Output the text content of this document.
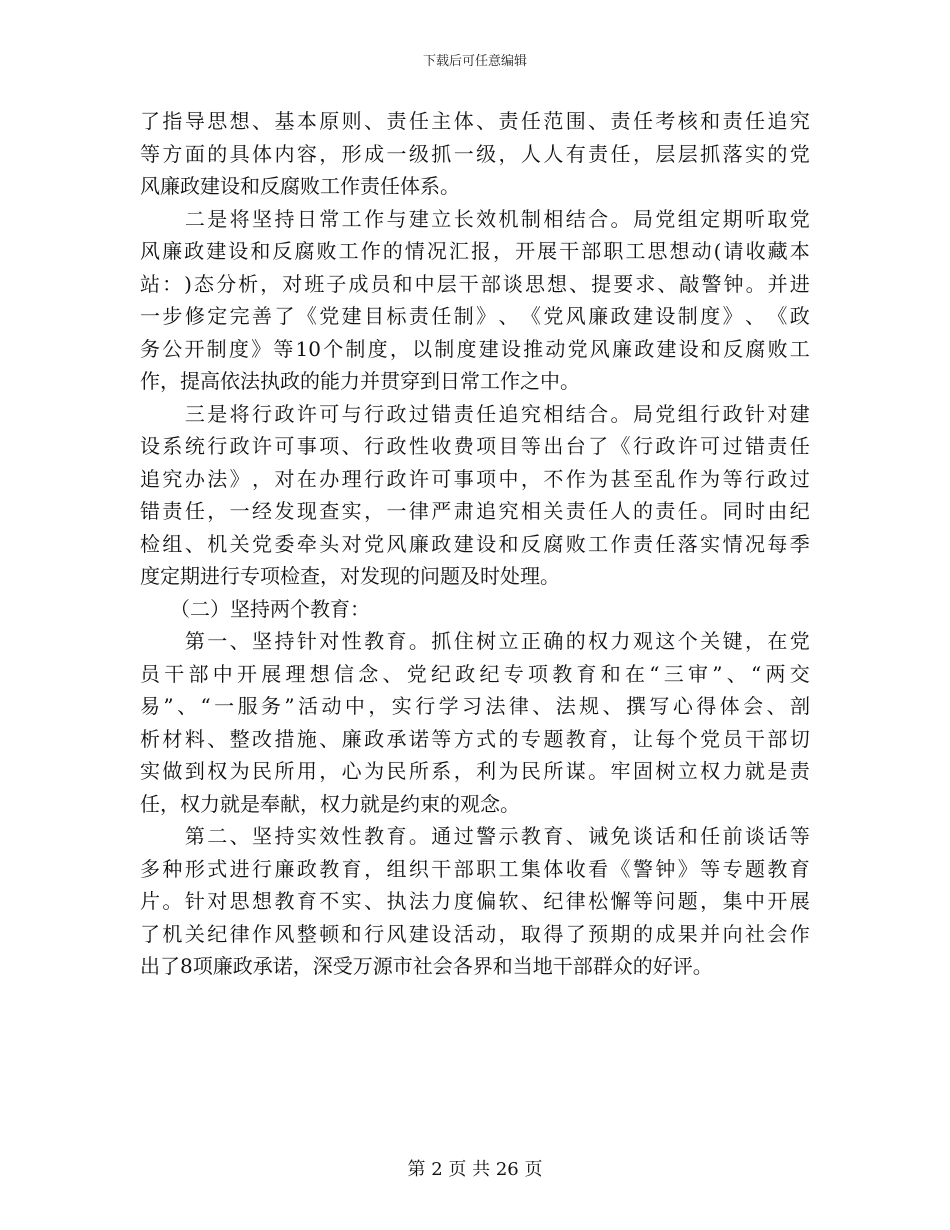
下载后可任意编辑
了 指 导 思 想 、 基 本 原 则 、 责 任 主 体 、 责 任 范 围 、 责 任 考 核 和 责 任 追 究
等 方 面 的 具 体 内 容 ， 形 成 一 级 抓 一 级 ， 人 人 有 责 任 ， 层 层 抓 落 实 的 党
风廉政建设和反腐败工作责任体系。

二 是 将 坚 持 日 常 工 作 与 建 立 长 效 机 制 相 结 合 。 局 党 组 定 期 听 取 党
风 廉 政 建 设 和 反 腐 败 工 作 的 情 况 汇 报 ， 开 展 干 部 职 工 思 想 动 ( 请 收 藏 本
站 ： ) 态 分 析 ， 对 班 子 成 员 和 中 层 干 部 谈 思 想 、 提 要 求 、 敲 警 钟 。 并 进
一 步 修 定 完 善 了 《 党 建 目 标 责 任 制 》 、 《 党 风 廉 政 建 设 制 度 》 、 《 政
务 公 开 制 度 》 等 10 个 制 度 ， 以 制 度 建 设 推 动 党 风 廉 政 建 设 和 反 腐 败 工
作，提高依法执政的能力并贯穿到日常工作之中。

三 是 将 行 政 许 可 与 行 政 过 错 责 任 追 究 相 结 合 。 局 党 组 行 政 针 对 建
设 系 统 行 政 许 可 事 项 、 行 政 性 收 费 项 目 等 出 台 了 《 行 政 许 可 过 错 责 任
追 究 办 法 》 ， 对 在 办 理 行 政 许 可 事 项 中 ， 不 作 为 甚 至 乱 作 为 等 行 政 过
错 责 任 ， 一 经 发 现 查 实 ， 一 律 严 肃 追 究 相 关 责 任 人 的 责 任 。 同 时 由 纪
检 组 、 机 关 党 委 牵 头 对 党 风 廉 政 建 设 和 反 腐 败 工 作 责 任 落 实 情 况 每 季
度定期进行专项检查，对发现的问题及时处理。
　　（二）坚持两个教育：

第 一 、 坚 持 针 对 性 教 育 。 抓 住 树 立 正 确 的 权 力 观 这 个 关 键 ， 在 党
员 干 部 中 开 展 理 想 信 念 、 党 纪 政 纪 专 项 教 育 和 在 “ 三 审 ” 、 “ 两 交
易 ” 、 “ 一 服 务 ” 活 动 中 ， 实 行 学 习 法 律 、 法 规 、 撰 写 心 得 体 会 、 剖
析 材 料 、 整 改 措 施 、 廉 政 承 诺 等 方 式 的 专 题 教 育 ， 让 每 个 党 员 干 部 切
实 做 到 权 为 民 所 用 ， 心 为 民 所 系 ， 利 为 民 所 谋 。 牢 固 树 立 权 力 就 是 责
任，权力就是奉献，权力就是约束的观念。

第 二 、 坚 持 实 效 性 教 育 。 通 过 警 示 教 育 、 诫 免 谈 话 和 任 前 谈 话 等
多 种 形 式 进 行 廉 政 教 育 ， 组 织 干 部 职 工 集 体 收 看 《 警 钟 》 等 专 题 教 育
片 。 针 对 思 想 教 育 不 实 、 执 法 力 度 偏 软 、 纪 律 松 懈 等 问 题 ， 集 中 开 展
了 机 关 纪 律 作 风 整 顿 和 行 风 建 设 活 动 ， 取 得 了 预 期 的 成 果 并 向 社 会 作
出了8项廉政承诺，深受万源市社会各界和当地干部群众的好评。
第 2 页 共 26 页
